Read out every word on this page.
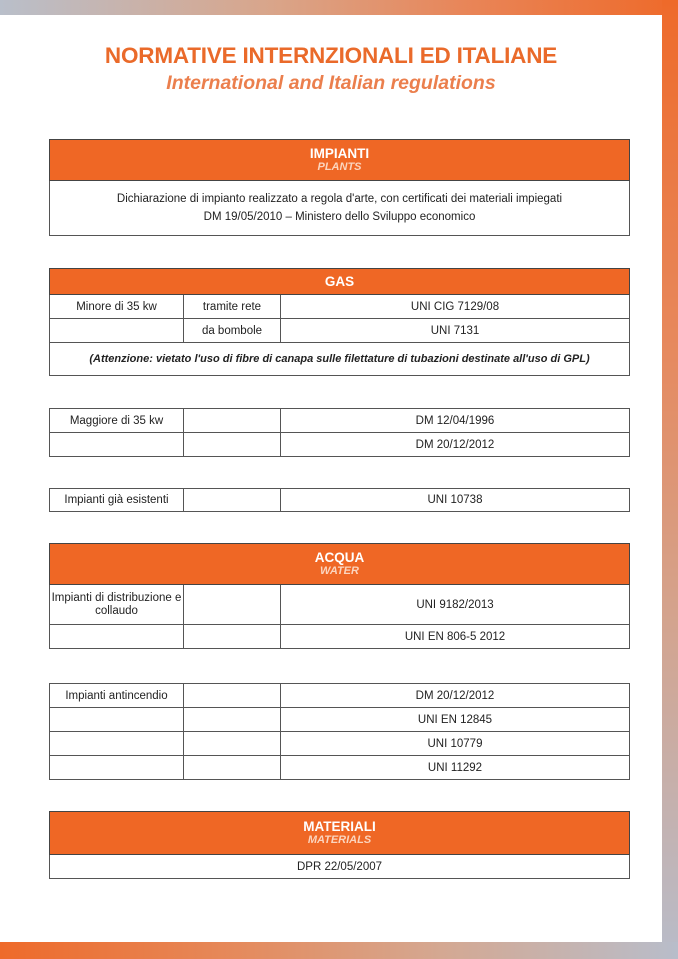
NORMATIVE INTERNZIONALI ED ITALIANE
International and Italian regulations
IMPIANTI
PLANTS

Dichiarazione di impianto realizzato a regola d'arte, con certificati dei materiali impiegati
DM 19/05/2010 – Ministero dello Sviluppo economico
GAS		

Minore di 35 kw	tramite rete	UNI CIG 7129/08
	da bombole	UNI 7131
(Attenzione: vietato l'uso di fibre di canapa sulle filettature di tubazioni destinate all'uso di GPL)		
Maggiore di 35 kw		DM 12/04/1996
		DM 20/12/2012
Impianti già esistenti		UNI 10738
ACQUA
WATER		

Impianti di distribuzione e collaudo		UNI 9182/2013
		UNI EN 806-5 2012
Impianti antincendio		DM 20/12/2012
		UNI EN 12845
		UNI 10779
		UNI 11292
MATERIALI
MATERIALS

DPR 22/05/2007
